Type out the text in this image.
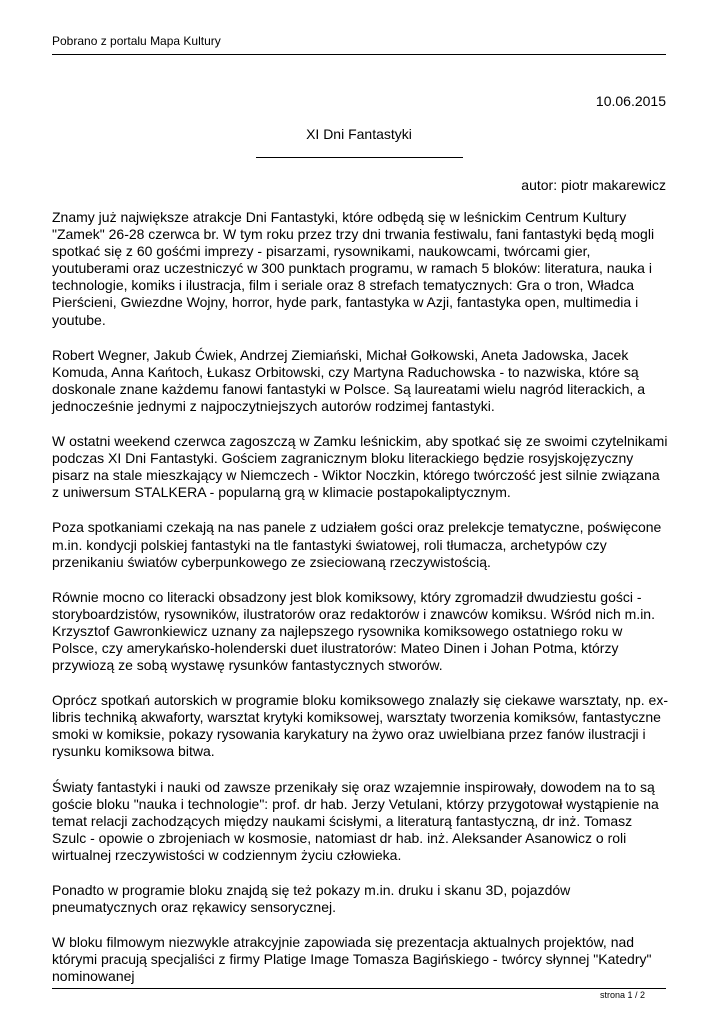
Pobrano z portalu Mapa Kultury
10.06.2015
XI Dni Fantastyki
autor: piotr makarewicz

Znamy już największe atrakcje Dni Fantastyki, które odbędą się w leśnickim Centrum Kultury "Zamek" 26-28 czerwca br. W tym roku przez trzy dni trwania festiwalu, fani fantastyki będą mogli spotkać się z 60 gośćmi imprezy - pisarzami, rysownikami, naukowcami, twórcami gier, youtuberami oraz uczestniczyć w 300 punktach programu, w ramach 5 bloków: literatura, nauka i technologie, komiks i ilustracja, film i seriale oraz 8 strefach tematycznych: Gra o tron, Władca Pierścieni, Gwiezdne Wojny, horror, hyde park, fantastyka w Azji, fantastyka open, multimedia i youtube.

Robert Wegner, Jakub Ćwiek, Andrzej Ziemiański, Michał Gołkowski, Aneta Jadowska, Jacek Komuda, Anna Kańtoch, Łukasz Orbitowski, czy Martyna Raduchowska - to nazwiska, które są doskonale znane każdemu fanowi fantastyki w Polsce. Są laureatami wielu nagród literackich, a jednocześnie jednymi z najpoczytniejszych autorów rodzimej fantastyki.

W ostatni weekend czerwca zagoszczą w Zamku leśnickim, aby spotkać się ze swoimi czytelnikami podczas XI Dni Fantastyki. Gościem zagranicznym bloku literackiego będzie rosyjskojęzyczny pisarz na stale mieszkający w Niemczech - Wiktor Noczkin, którego twórczość jest silnie związana z uniwersum STALKERA - popularną grą w klimacie postapokaliptycznym.

Poza spotkaniami czekają na nas panele z udziałem gości oraz prelekcje tematyczne, poświęcone m.in. kondycji polskiej fantastyki na tle fantastyki światowej, roli tłumacza, archetypów czy przenikaniu światów cyberpunkowego ze zsieciowaną rzeczywistością.

Równie mocno co literacki obsadzony jest blok komiksowy, który zgromadził dwudziestu gości - storyboardzistów, rysowników, ilustratorów oraz redaktorów i znawców komiksu. Wśród nich m.in. Krzysztof Gawronkiewicz uznany za najlepszego rysownika komiksowego ostatniego roku w Polsce, czy amerykańsko-holenderski duet ilustratorów: Mateo Dinen i Johan Potma, którzy przywiozą ze sobą wystawę rysunków fantastycznych stworów.

Oprócz spotkań autorskich w programie bloku komiksowego znalazły się ciekawe warsztaty, np. ex-libris techniką akwaforty, warsztat krytyki komiksowej, warsztaty tworzenia komiksów, fantastyczne smoki w komiksie, pokazy rysowania karykatury na żywo oraz uwielbiana przez fanów ilustracji i rysunku komiksowa bitwa.

Światy fantastyki i nauki od zawsze przenikały się oraz wzajemnie inspirowały, dowodem na to są goście bloku "nauka i technologie": prof. dr hab. Jerzy Vetulani, którzy przygotował wystąpienie na temat relacji zachodzących między naukami ścisłymi, a literaturą fantastyczną, dr inż. Tomasz Szulc - opowie o zbrojeniach w kosmosie, natomiast dr hab. inż. Aleksander Asanowicz o roli wirtualnej rzeczywistości w codziennym życiu człowieka.

Ponadto w programie bloku znajdą się też pokazy m.in. druku i skanu 3D, pojazdów pneumatycznych oraz rękawicy sensorycznej.

W bloku filmowym niezwykle atrakcyjnie zapowiada się prezentacja aktualnych projektów, nad którymi pracują specjaliści z firmy Platige Image Tomasza Bagińskiego - twórcy słynnej "Katedry" nominowanej

strona 1 / 2
